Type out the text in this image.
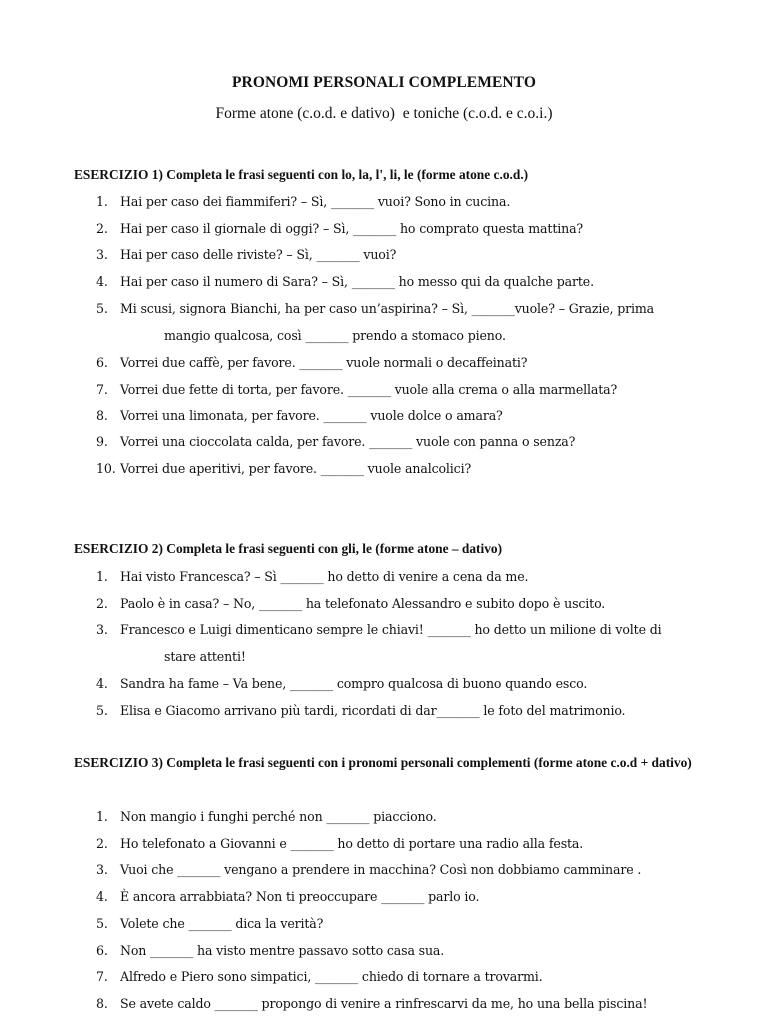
PRONOMI PERSONALI COMPLEMENTO
Forme atone (c.o.d. e dativo)  e toniche (c.o.d. e c.o.i.)
ESERCIZIO 1) Completa le frasi seguenti con lo, la, l', li, le (forme atone c.o.d.)
1. Hai per caso dei fiammiferi? – Sì, _______ vuoi? Sono in cucina.
2. Hai per caso il giornale di oggi? – Sì, _______ ho comprato questa mattina?
3. Hai per caso delle riviste? – Sì, _______ vuoi?
4. Hai per caso il numero di Sara? – Sì, _______ ho messo qui da qualche parte.
5. Mi scusi, signora Bianchi, ha per caso un’aspirina? – Sì, _______vuole? – Grazie, prima
mangio qualcosa, così _______ prendo a stomaco pieno.
6. Vorrei due caffè, per favore. _______ vuole normali o decaffeinati?
7. Vorrei due fette di torta, per favore. _______ vuole alla crema o alla marmellata?
8. Vorrei una limonata, per favore. _______ vuole dolce o amara?
9. Vorrei una cioccolata calda, per favore. _______ vuole con panna o senza?
10. Vorrei due aperitivi, per favore. _______ vuole analcolici?
ESERCIZIO 2) Completa le frasi seguenti con gli, le (forme atone – dativo)
1. Hai visto Francesca? – Sì _______ ho detto di venire a cena da me.
2. Paolo è in casa? – No, _______ ha telefonato Alessandro e subito dopo è uscito.
3. Francesco e Luigi dimenticano sempre le chiavi! _______ ho detto un milione di volte di
stare attenti!
4. Sandra ha fame – Va bene, _______ compro qualcosa di buono quando esco.
5. Elisa e Giacomo arrivano più tardi, ricordati di dar_______ le foto del matrimonio.
ESERCIZIO 3) Completa le frasi seguenti con i pronomi personali complementi (forme atone c.o.d + dativo)
1. Non mangio i funghi perché non _______ piacciono.
2. Ho telefonato a Giovanni e _______ ho detto di portare una radio alla festa.
3. Vuoi che _______ vengano a prendere in macchina? Così non dobbiamo camminare .
4. È ancora arrabbiata? Non ti preoccupare _______ parlo io.
5. Volete che _______ dica la verità?
6. Non _______ ha visto mentre passavo sotto casa sua.
7. Alfredo e Piero sono simpatici, _______ chiedo di tornare a trovarmi.
8. Se avete caldo _______ propongo di venire a rinfrescarvi da me, ho una bella piscina!
